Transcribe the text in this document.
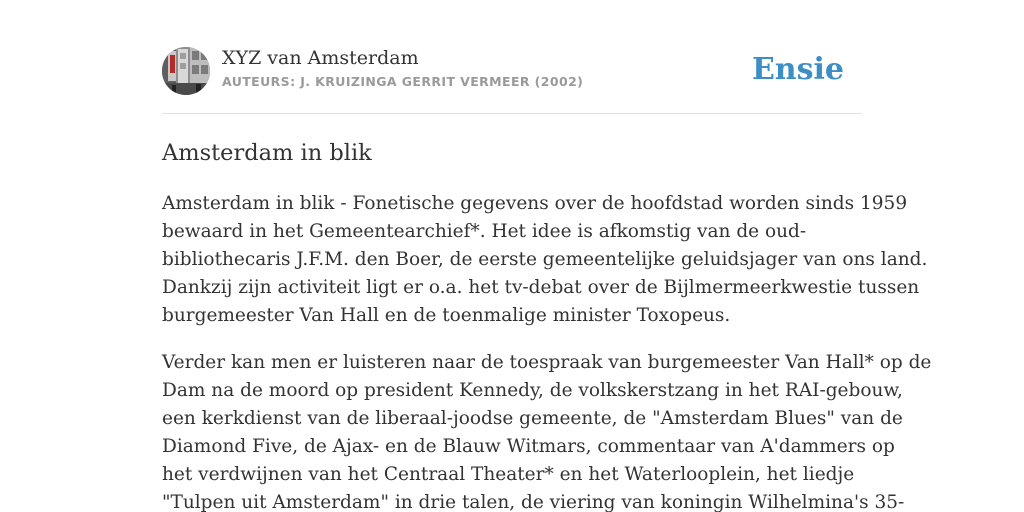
XYZ van Amsterdam
AUTEURS: J. KRUIZINGA GERRIT VERMEER (2002)	Ensie
Amsterdam in blik
Amsterdam in blik - Fonetische gegevens over de hoofdstad worden sinds 1959
bewaard in het Gemeentearchief*. Het idee is afkomstig van de oud-
bibliothecaris J.F.M. den Boer, de eerste gemeentelijke geluidsjager van ons land.
Dankzij zijn activiteit ligt er o.a. het tv-debat over de Bijlmermeerkwestie tussen
burgemeester Van Hall en de toenmalige minister Toxopeus.
Verder kan men er luisteren naar de toespraak van burgemeester Van Hall* op de
Dam na de moord op president Kennedy, de volkskerstzang in het RAI-gebouw,
een kerkdienst van de liberaal-joodse gemeente, de "Amsterdam Blues" van de
Diamond Five, de Ajax- en de Blauw Witmars, commentaar van A'dammers op
het verdwijnen van het Centraal Theater* en het Waterlooplein, het liedje
"Tulpen uit Amsterdam" in drie talen, de viering van koningin Wilhelmina's 35-
